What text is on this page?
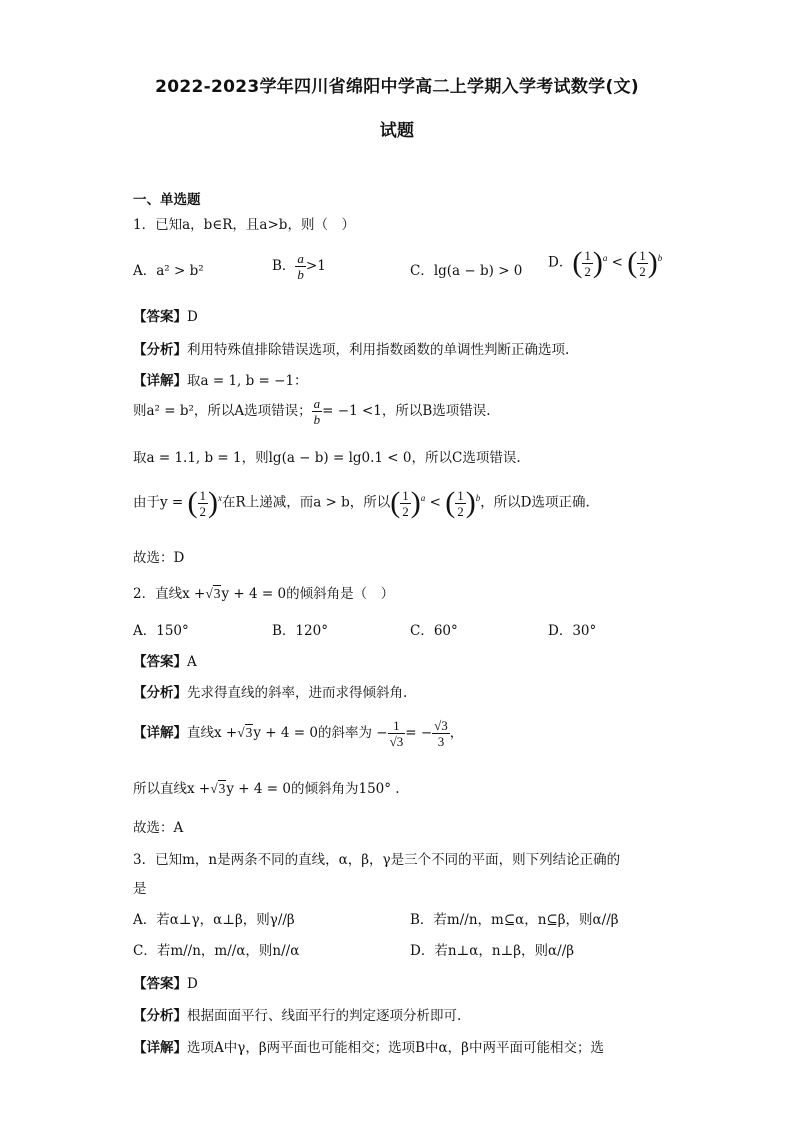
2022-2023学年四川省绵阳中学高二上学期入学考试数学(文)
试题
一、单选题
1．已知a，b∈R，且a>b，则（　）
A．a² > b²	B． $\frac{a}{b} >1$	C．lg(a − b) > 0
D．( $\frac{1}{2} )^a$ < ( $\frac{1}{2} )^b$
【答案】D
【分析】利用特殊值排除错误选项，利用指数函数的单调性判断正确选项.
【详解】取a = 1, b = −1：
则a² = b²，所以A选项错误； $\frac{a}{b} = -1 <1$，所以B选项错误.
取a = 1.1, b = 1，则lg(a − b) = lg0.1 < 0，所以C选项错误.
由于y = ( $\frac{1}{2} )^x$在R上递减，而a > b，所以( $\frac{1}{2} )^a$ < ( $\frac{1}{2} )^b$，所以D选项正确.
故选：D
2．直线x +√3y + 4 = 0的倾斜角是（　）
A．150°	B．120°	C．60°	D．30°
【答案】A
【分析】先求得直线的斜率，进而求得倾斜角.
【详解】直线x +√3y + 4 = 0的斜率为 − $\frac{1}{√3}$ = − $\frac{√3}{3}$ ，
所以直线x +√3y + 4 = 0的倾斜角为150° .
故选：A
3．已知m，n是两条不同的直线，α，β，γ是三个不同的平面，则下列结论正确的
是
A．若α⊥γ，α⊥β，则γ//β	B．若m//n，m⊆α，n⊆β，则α//β
C．若m//n，m//α，则n//α	D．若n⊥α，n⊥β，则α//β
【答案】D
【分析】根据面面平行、线面平行的判定逐项分析即可.
【详解】选项A中γ，β两平面也可能相交；选项B中α，β中两平面可能相交；选
